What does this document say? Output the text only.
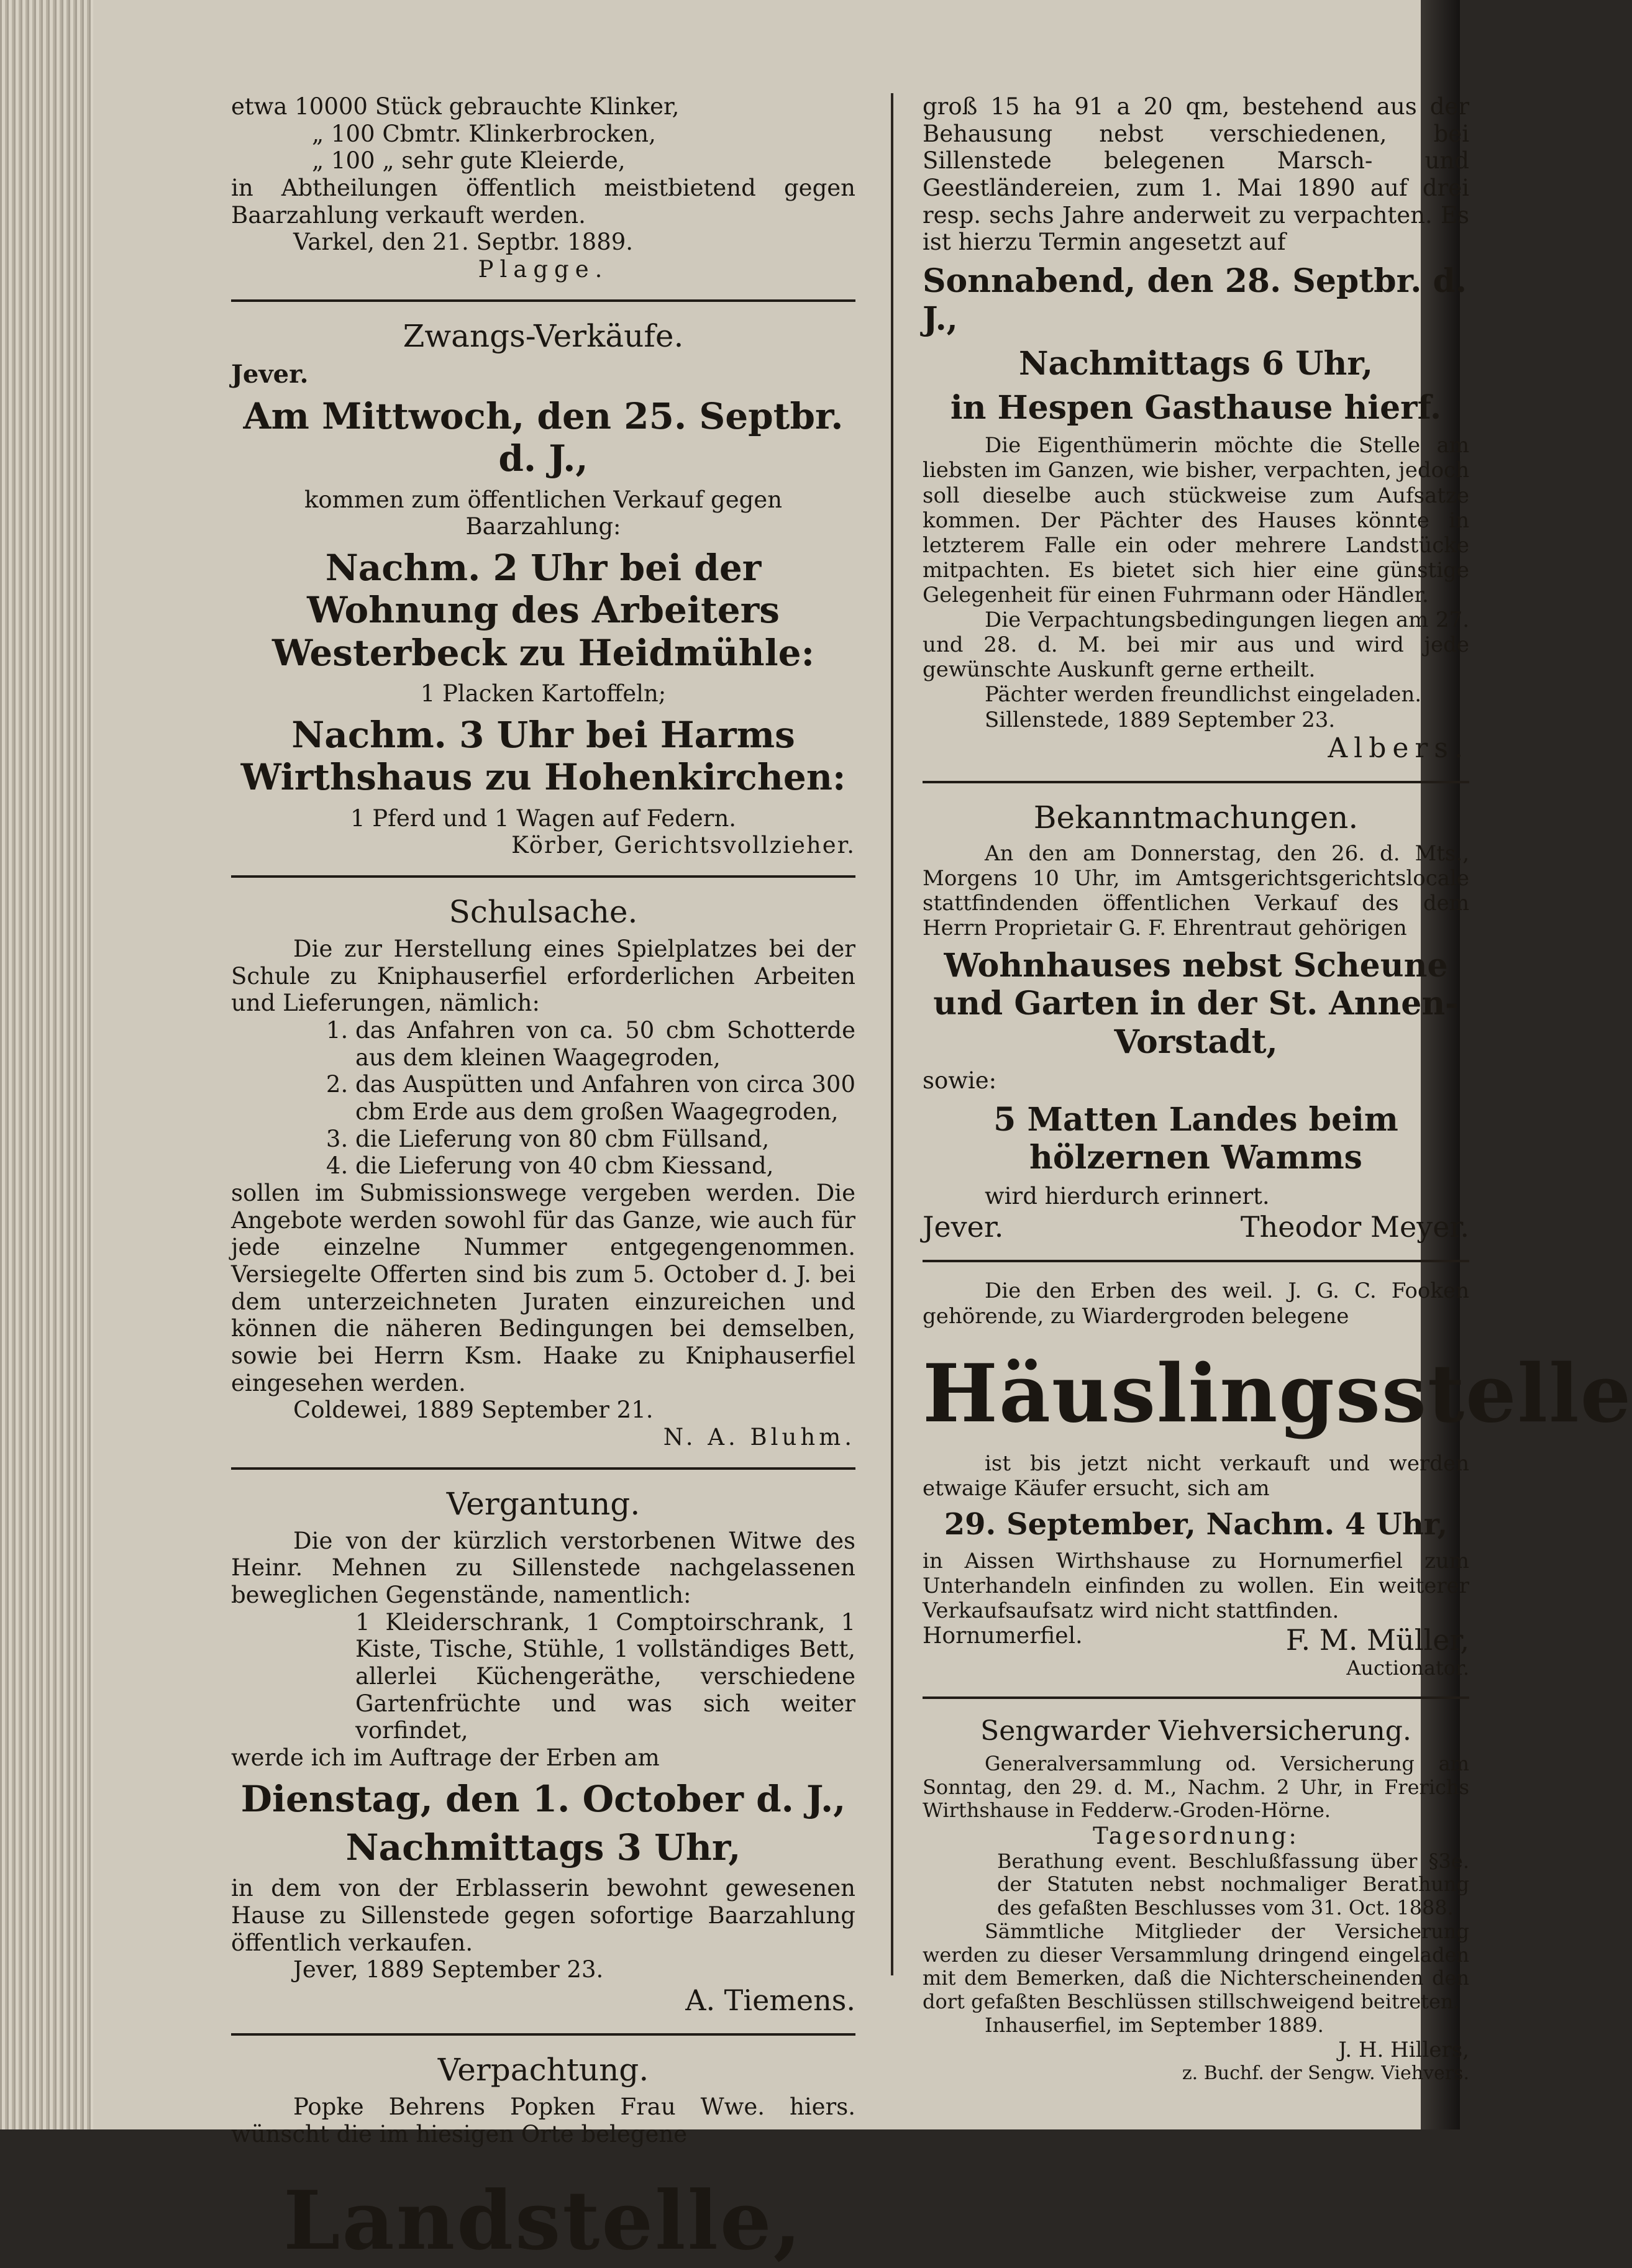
etwa 10000 Stück gebrauchte Klinker,

„ 100 Cbmtr. Klinkerbrocken,

„ 100 „ sehr gute Kleierde,

in Abtheilungen öffentlich meistbietend gegen Baarzahlung verkauft werden.

Varkel, den 21. Septbr. 1889.

Plagge.

Zwangs-Verkäufe.

Jever.

Am Mittwoch, den 25. Septbr. d. J.,

kommen zum öffentlichen Verkauf gegen Baarzahlung:

Nachm. 2 Uhr bei der Wohnung des Arbeiters Westerbeck zu Heidmühle:

1 Placken Kartoffeln;

Nachm. 3 Uhr bei Harms Wirthshaus zu Hohenkirchen:

1 Pferd und 1 Wagen auf Federn.

Körber, Gerichtsvollzieher.

Schulsache.

Die zur Herstellung eines Spielplatzes bei der Schule zu Kniphauserfiel erforderlichen Arbeiten und Lieferungen, nämlich:

1. das Anfahren von ca. 50 cbm Schotterde aus dem kleinen Waagegroden,
2. das Auspütten und Anfahren von circa 300 cbm Erde aus dem großen Waagegroden,
3. die Lieferung von 80 cbm Füllsand,
4. die Lieferung von 40 cbm Kiessand,

sollen im Submissionswege vergeben werden. Die Angebote werden sowohl für das Ganze, wie auch für jede einzelne Nummer entgegengenommen. Versiegelte Offerten sind bis zum 5. October d. J. bei dem unterzeichneten Juraten einzureichen und können die näheren Bedingungen bei demselben, sowie bei Herrn Ksm. Haake zu Kniphauserfiel eingesehen werden.

Coldewei, 1889 September 21.

N. A. Bluhm.

Vergantung.

Die von der kürzlich verstorbenen Witwe des Heinr. Mehnen zu Sillenstede nachgelassenen beweglichen Gegenstände, namentlich:

1 Kleiderschrank, 1 Comptoirschrank, 1 Kiste, Tische, Stühle, 1 vollständiges Bett, allerlei Küchengeräthe, verschiedene Gartenfrüchte und was sich weiter vorfindet,

werde ich im Auftrage der Erben am

Dienstag, den 1. October d. J.,

Nachmittags 3 Uhr,

in dem von der Erblasserin bewohnt gewesenen Hause zu Sillenstede gegen sofortige Baarzahlung öffentlich verkaufen.

Jever, 1889 September 23.

A. Tiemens.

Verpachtung.

Popke Behrens Popken Frau Wwe. hiers. wünscht die im hiesigen Orte belegene

Landstelle,

groß 15 ha 91 a 20 qm, bestehend aus der Behausung nebst verschiedenen, bei Sillenstede belegenen Marsch- und Geestländereien, zum 1. Mai 1890 auf drei resp. sechs Jahre anderweit zu verpachten. Es ist hierzu Termin angesetzt auf

Sonnabend, den 28. Septbr. d. J.,

Nachmittags 6 Uhr,

in Hespen Gasthause hierf.

Die Eigenthümerin möchte die Stelle am liebsten im Ganzen, wie bisher, verpachten, jedoch soll dieselbe auch stückweise zum Aufsatze kommen. Der Pächter des Hauses könnte in letzterem Falle ein oder mehrere Landstücke mitpachten. Es bietet sich hier eine günstige Gelegenheit für einen Fuhrmann oder Händler.

Die Verpachtungsbedingungen liegen am 27. und 28. d. M. bei mir aus und wird jede gewünschte Auskunft gerne ertheilt.

Pächter werden freundlichst eingeladen.

Sillenstede, 1889 September 23.

Albers.

Bekanntmachungen.

An den am Donnerstag, den 26. d. Mts., Morgens 10 Uhr, im Amtsgerichtsgerichtslocale stattfindenden öffentlichen Verkauf des dem Herrn Proprietair G. F. Ehrentraut gehörigen

Wohnhauses nebst Scheune und Garten in der St. Annen-Vorstadt,

sowie:

5 Matten Landes beim hölzernen Wamms

wird hierdurch erinnert.

Jever.	Theodor Meyer.

Die den Erben des weil. J. G. C. Fooken gehörende, zu Wiardergroden belegene

Häuslingsstelle

ist bis jetzt nicht verkauft und werden etwaige Käufer ersucht, sich am

29. September, Nachm. 4 Uhr,

in Aissen Wirthshause zu Hornumerfiel zum Unterhandeln einfinden zu wollen. Ein weiterer Verkaufsaufsatz wird nicht stattfinden.

Hornumerfiel.	F. M. Müller,

Auctionator.

Sengwarder Viehversicherung.

Generalversammlung od. Versicherung am Sonntag, den 29. d. M., Nachm. 2 Uhr, in Frerichs Wirthshause in Fedderw.-Groden-Hörne.

Tagesordnung:

Berathung event. Beschlußfassung über §3e. der Statuten nebst nochmaliger Berathung des gefaßten Beschlusses vom 31. Oct. 1888.

Sämmtliche Mitglieder der Versicherung werden zu dieser Versammlung dringend eingeladen mit dem Bemerken, daß die Nichterscheinenden den dort gefaßten Beschlüssen stillschweigend beitreten.

Inhauserfiel, im September 1889.

J. H. Hillers,

z. Buchf. der Sengw. Viehvers.
